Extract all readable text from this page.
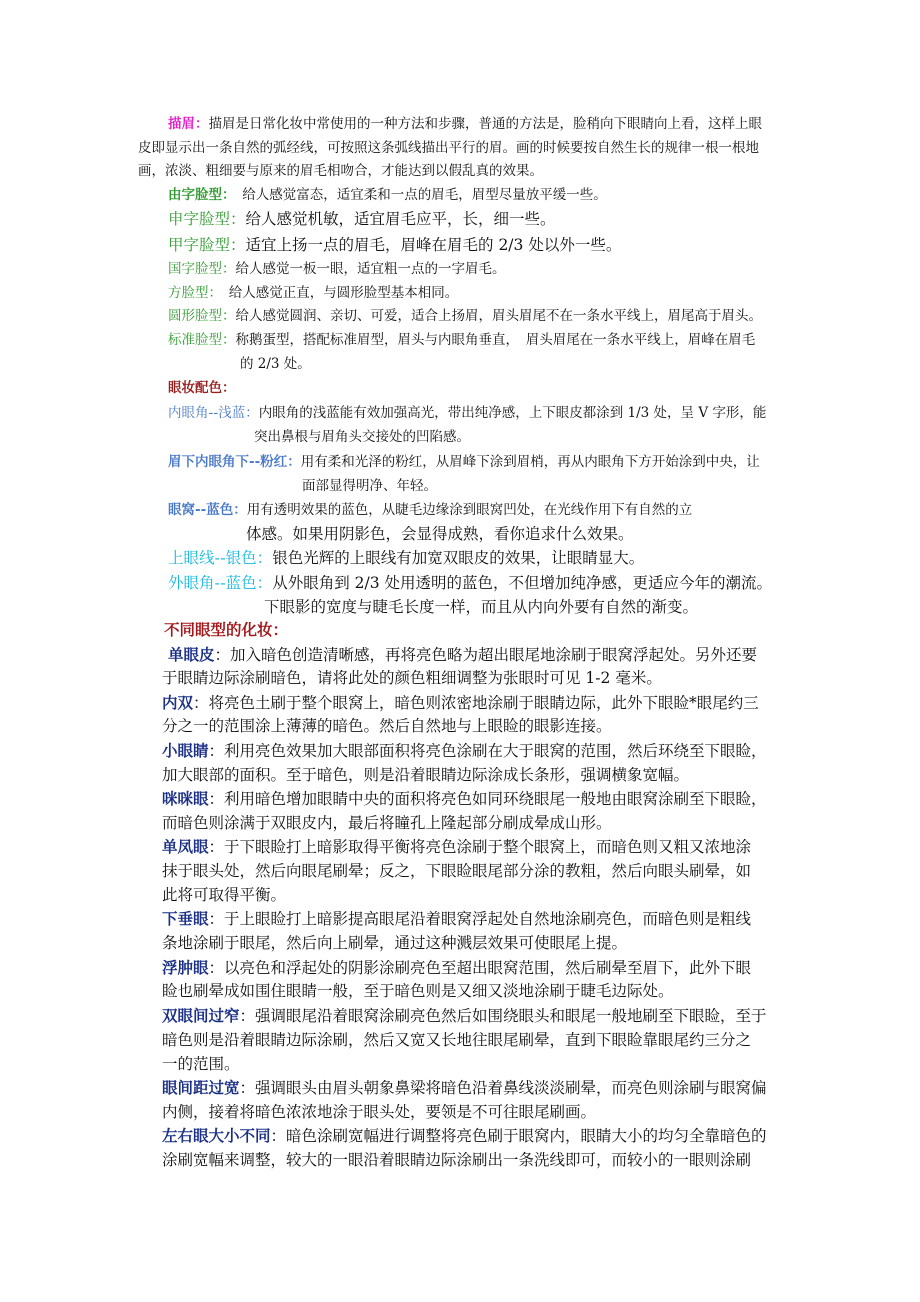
描眉：描眉是日常化妆中常使用的一种方法和步骤，普通的方法是，脸稍向下眼睛向上看，这样上眼
皮即显示出一条自然的弧经线，可按照这条弧线描出平行的眉。画的时候要按自然生长的规律一根一根地
画，浓淡、粗细要与原来的眉毛相吻合，才能达到以假乱真的效果。
由字脸型：　给人感觉富态，适宜柔和一点的眉毛，眉型尽量放平缓一些。
申字脸型：给人感觉机敏，适宜眉毛应平，长，细一些。
甲字脸型：适宜上扬一点的眉毛，眉峰在眉毛的 2/3 处以外一些。
国字脸型：给人感觉一板一眼，适宜粗一点的一字眉毛。
方脸型：　给人感觉正直，与圆形脸型基本相同。
圆形脸型：给人感觉圆润、亲切、可爱，适合上扬眉，眉头眉尾不在一条水平线上，眉尾高于眉头。
标准脸型：称鹅蛋型，搭配标准眉型，眉头与内眼角垂直，　眉头眉尾在一条水平线上，眉峰在眉毛
的 2/3 处。
眼妆配色：
内眼角--浅蓝：内眼角的浅蓝能有效加强高光，带出纯净感，上下眼皮都涂到 1/3 处，呈 V 字形，能
突出鼻根与眉角头交接处的凹陷感。
眉下内眼角下--粉红：用有柔和光泽的粉红，从眉峰下涂到眉梢，再从内眼角下方开始涂到中央，让
面部显得明净、年轻。
眼窝--蓝色：用有透明效果的蓝色，从睫毛边缘涂到眼窝凹处，在光线作用下有自然的立
体感。如果用阴影色，会显得成熟，看你追求什么效果。
上眼线--银色：银色光辉的上眼线有加宽双眼皮的效果，让眼睛显大。
外眼角--蓝色：从外眼角到 2/3 处用透明的蓝色，不但增加纯净感，更适应今年的潮流。
下眼影的宽度与睫毛长度一样，而且从内向外要有自然的渐变。
不同眼型的化妆：
单眼皮：加入暗色创造清晰感，再将亮色略为超出眼尾地涂刷于眼窝浮起处。另外还要
于眼睛边际涂刷暗色，请将此处的颜色粗细调整为张眼时可见 1-2 毫米。
内双：将亮色土刷于整个眼窝上，暗色则浓密地涂刷于眼睛边际，此外下眼睑*眼尾约三
分之一的范围涂上薄薄的暗色。然后自然地与上眼睑的眼影连接。
小眼睛：利用亮色效果加大眼部面积将亮色涂刷在大于眼窝的范围，然后环绕至下眼睑，
加大眼部的面积。至于暗色，则是沿着眼睛边际涂成长条形，强调横象宽幅。
咪咪眼：利用暗色增加眼睛中央的面积将亮色如同环绕眼尾一般地由眼窝涂刷至下眼睑，
而暗色则涂满于双眼皮内，最后将瞳孔上隆起部分刷成晕成山形。
单凤眼：于下眼睑打上暗影取得平衡将亮色涂刷于整个眼窝上，而暗色则又粗又浓地涂
抹于眼头处，然后向眼尾刷晕；反之，下眼睑眼尾部分涂的教粗，然后向眼头刷晕，如
此将可取得平衡。
下垂眼：于上眼睑打上暗影提高眼尾沿着眼窝浮起处自然地涂刷亮色，而暗色则是粗线
条地涂刷于眼尾，然后向上刷晕，通过这种溅层效果可使眼尾上提。
浮肿眼：以亮色和浮起处的阴影涂刷亮色至超出眼窝范围，然后刷晕至眉下，此外下眼
睑也刷晕成如围住眼睛一般，至于暗色则是又细又淡地涂刷于睫毛边际处。
双眼间过窄：强调眼尾沿着眼窝涂刷亮色然后如围绕眼头和眼尾一般地刷至下眼睑，至于
暗色则是沿着眼睛边际涂刷，然后又宽又长地往眼尾刷晕，直到下眼睑靠眼尾约三分之
一的范围。
眼间距过宽：强调眼头由眉头朝象鼻梁将暗色沿着鼻线淡淡刷晕，而亮色则涂刷与眼窝偏
内侧，接着将暗色浓浓地涂于眼头处，要领是不可往眼尾刷画。
左右眼大小不同：暗色涂刷宽幅进行调整将亮色刷于眼窝内，眼睛大小的均匀全靠暗色的
涂刷宽幅来调整，较大的一眼沿着眼睛边际涂刷出一条洗线即可，而较小的一眼则涂刷
